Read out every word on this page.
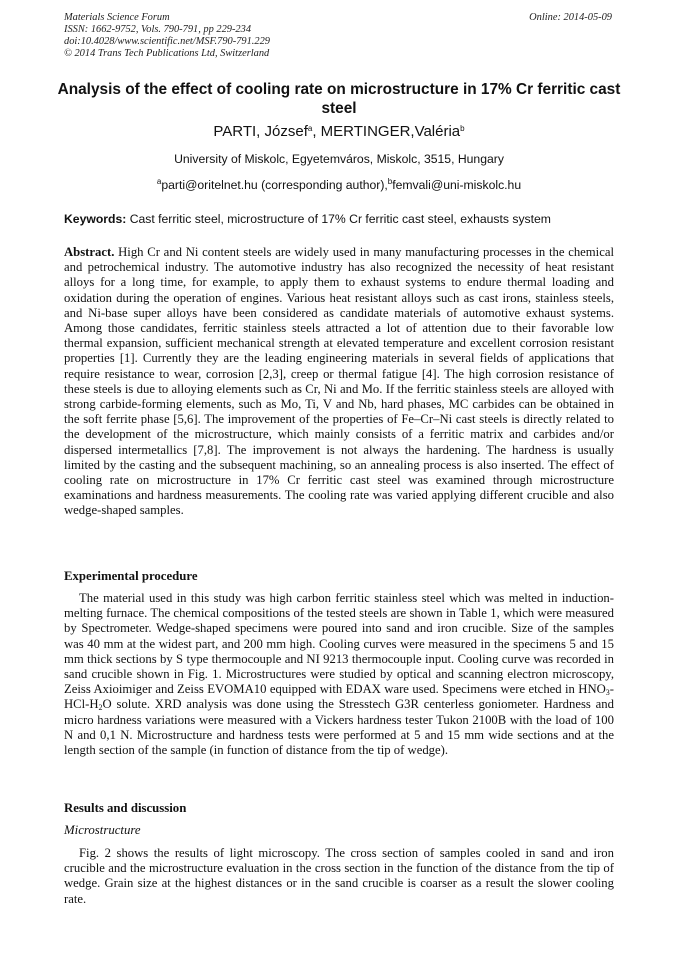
Materials Science Forum
ISSN: 1662-9752, Vols. 790-791, pp 229-234
doi:10.4028/www.scientific.net/MSF.790-791.229
© 2014 Trans Tech Publications Ltd, Switzerland
Online: 2014-05-09
Analysis of the effect of cooling rate on microstructure in 17% Cr ferritic cast steel
PARTI, József$^a$, MERTINGER,Valéria$^b$
University of Miskolc, Egyetemváros, Miskolc, 3515, Hungary
$^a$parti@oritelnet.hu (corresponding author),$^b$femvali@uni-miskolc.hu
Keywords: Cast ferritic steel, microstructure of 17% Cr ferritic cast steel, exhausts system
Abstract. High Cr and Ni content steels are widely used in many manufacturing processes in the chemical and petrochemical industry. The automotive industry has also recognized the necessity of heat resistant alloys for a long time, for example, to apply them to exhaust systems to endure thermal loading and oxidation during the operation of engines. Various heat resistant alloys such as cast irons, stainless steels, and Ni-base super alloys have been considered as candidate materials of automotive exhaust systems. Among those candidates, ferritic stainless steels attracted a lot of attention due to their favorable low thermal expansion, sufficient mechanical strength at elevated temperature and excellent corrosion resistant properties [1]. Currently they are the leading engineering materials in several fields of applications that require resistance to wear, corrosion [2,3], creep or thermal fatigue [4]. The high corrosion resistance of these steels is due to alloying elements such as Cr, Ni and Mo. If the ferritic stainless steels are alloyed with strong carbide-forming elements, such as Mo, Ti, V and Nb, hard phases, MC carbides can be obtained in the soft ferrite phase [5,6]. The improvement of the properties of Fe–Cr–Ni cast steels is directly related to the development of the microstructure, which mainly consists of a ferritic matrix and carbides and/or dispersed intermetallics [7,8]. The improvement is not always the hardening. The hardness is usually limited by the casting and the subsequent machining, so an annealing process is also inserted. The effect of cooling rate on microstructure in 17% Cr ferritic cast steel was examined through microstructure examinations and hardness measurements. The cooling rate was varied applying different crucible and also wedge-shaped samples.
Experimental procedure
The material used in this study was high carbon ferritic stainless steel which was melted in induction-melting furnace. The chemical compositions of the tested steels are shown in Table 1, which were measured by Spectrometer. Wedge-shaped specimens were poured into sand and iron crucible. Size of the samples was 40 mm at the widest part, and 200 mm high. Cooling curves were measured in the specimens 5 and 15 mm thick sections by S type thermocouple and NI 9213 thermocouple input. Cooling curve was recorded in sand crucible shown in Fig. 1. Microstructures were studied by optical and scanning electron microscopy, Zeiss Axioimiger and Zeiss EVOMA10 equipped with EDAX ware used. Specimens were etched in $HNO_3-$ HCl-$H_2O$ solute. XRD analysis was done using the Stresstech G3R centerless goniometer. Hardness and micro hardness variations were measured with a Vickers hardness tester Tukon 2100B with the load of 100 N and 0,1 N. Microstructure and hardness tests were performed at 5 and 15 mm wide sections and at the length section of the sample (in function of distance from the tip of wedge).
Results and discussion
Microstructure
Fig. 2 shows the results of light microscopy. The cross section of samples cooled in sand and iron crucible and the microstructure evaluation in the cross section in the function of the distance from the tip of wedge. Grain size at the highest distances or in the sand crucible is coarser as a result the slower cooling rate.
